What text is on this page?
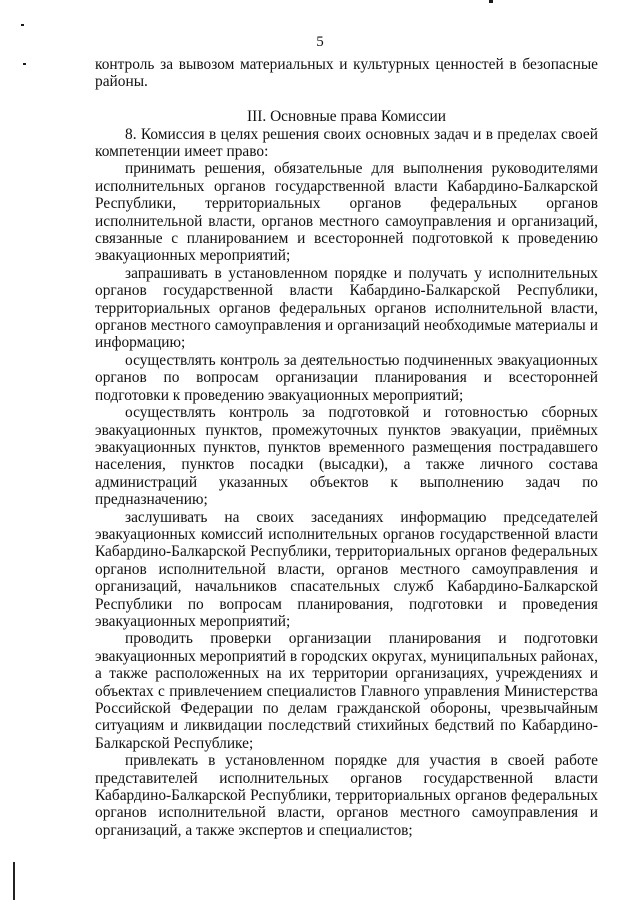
5

контроль за вывозом материальных и культурных ценностей в безопасные районы.

III. Основные права Комиссии

8. Комиссия в целях решения своих основных задач и в пределах своей компетенции имеет право:

принимать решения, обязательные для выполнения руководителями исполнительных органов государственной власти Кабардино-Балкарской Республики, территориальных органов федеральных органов исполнительной власти, органов местного самоуправления и организаций, связанные с планированием и всесторонней подготовкой к проведению эвакуационных мероприятий;

запрашивать в установленном порядке и получать у исполнительных органов государственной власти Кабардино-Балкарской Республики, территориальных органов федеральных органов исполнительной власти, органов местного самоуправления и организаций необходимые материалы и информацию;

осуществлять контроль за деятельностью подчиненных эвакуационных органов по вопросам организации планирования и всесторонней подготовки к проведению эвакуационных мероприятий;

осуществлять контроль за подготовкой и готовностью сборных эвакуационных пунктов, промежуточных пунктов эвакуации, приёмных эвакуационных пунктов, пунктов временного размещения пострадавшего населения, пунктов посадки (высадки), а также личного состава администраций указанных объектов к выполнению задач по предназначению;

заслушивать на своих заседаниях информацию председателей эвакуационных комиссий исполнительных органов государственной власти Кабардино-Балкарской Республики, территориальных органов федеральных органов исполнительной власти, органов местного самоуправления и организаций, начальников спасательных служб Кабардино-Балкарской Республики по вопросам планирования, подготовки и проведения эвакуационных мероприятий;

проводить проверки организации планирования и подготовки эвакуационных мероприятий в городских округах, муниципальных районах, а также расположенных на их территории организациях, учреждениях и объектах с привлечением специалистов Главного управления Министерства Российской Федерации по делам гражданской обороны, чрезвычайным ситуациям и ликвидации последствий стихийных бедствий по Кабардино-Балкарской Республике;

привлекать в установленном порядке для участия в своей работе представителей исполнительных органов государственной власти Кабардино-Балкарской Республики, территориальных органов федеральных органов исполнительной власти, органов местного самоуправления и организаций, а также экспертов и специалистов;
